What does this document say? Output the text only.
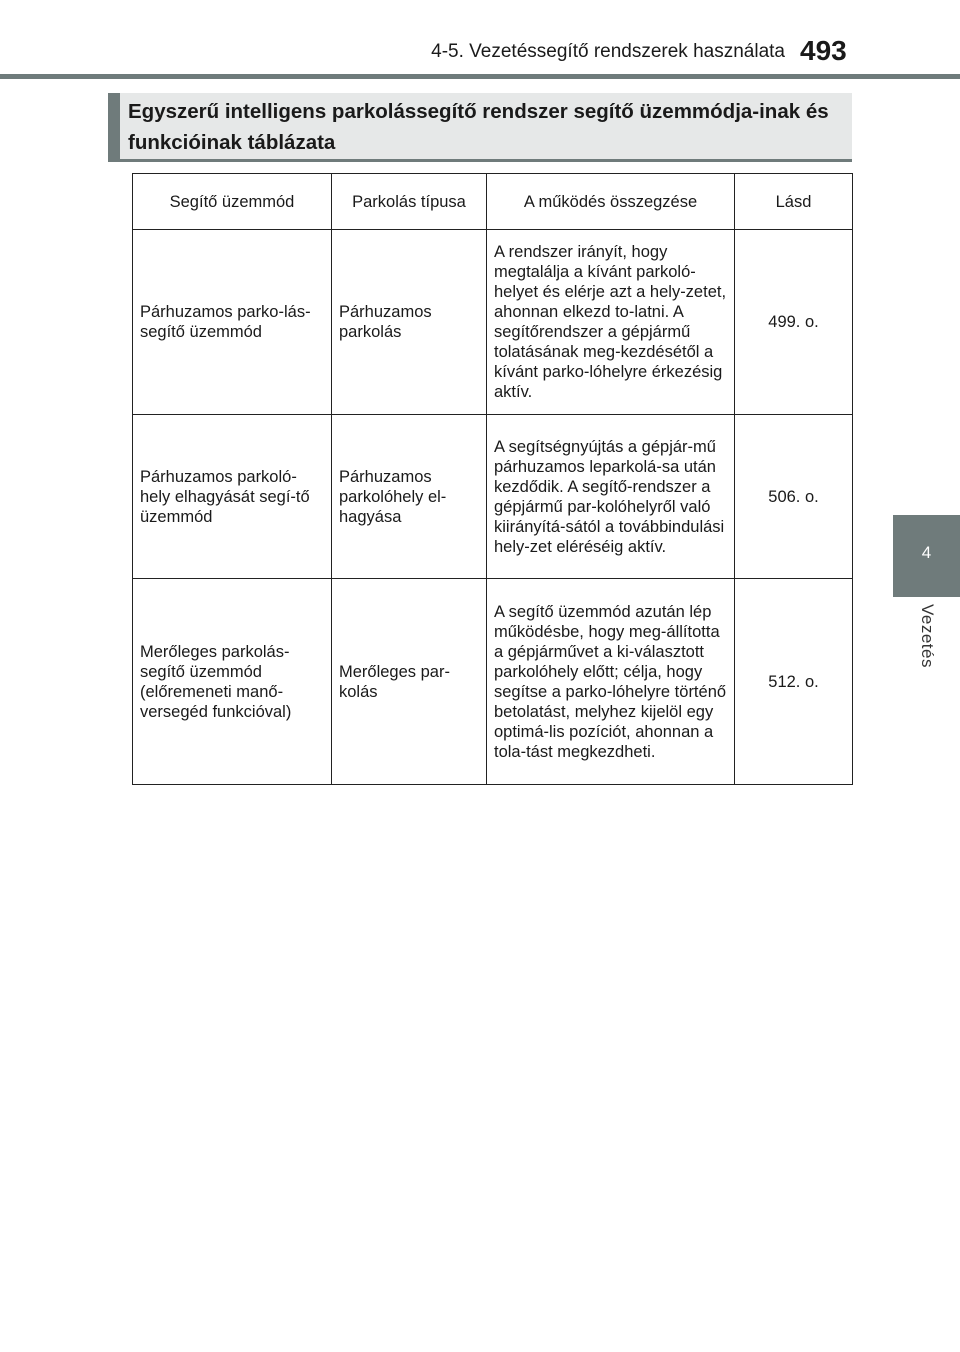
4-5. Vezetéssegítő rendszerek használata 493
4
Vezetés
Egyszerű intelligens parkolássegítő rendszer segítő üzemmódja-inak és funkcióinak táblázata
Segítő üzemmód	Parkolás típusa	A működés összegzése	Lásd
Párhuzamos parko-lás-segítő üzemmód	Párhuzamos parkolás	A rendszer irányít, hogy megtalálja a kívánt parkoló-helyet és elérje azt a hely-zetet, ahonnan elkezd to-latni. A segítőrendszer a gépjármű tolatásának meg-kezdésétől a kívánt parko-lóhelyre érkezésig aktív.	499. o.
Párhuzamos parkoló-hely elhagyását segí-tő üzemmód	Párhuzamos parkolóhely el-hagyása	A segítségnyújtás a gépjár-mű párhuzamos leparkolá-sa után kezdődik. A segítő-rendszer a gépjármű par-kolóhelyről való kiirányítá-sától a továbbindulási hely-zet eléréséig aktív.	506. o.
Merőleges parkolás-segítő üzemmód (előremeneti manő-versegéd funkcióval)	Merőleges par-kolás	A segítő üzemmód azután lép működésbe, hogy meg-állította a gépjárművet a ki-választott parkolóhely előtt; célja, hogy segítse a parko-lóhelyre történő betolatást, melyhez kijelöl egy optimá-lis pozíciót, ahonnan a tola-tást megkezdheti.	512. o.
